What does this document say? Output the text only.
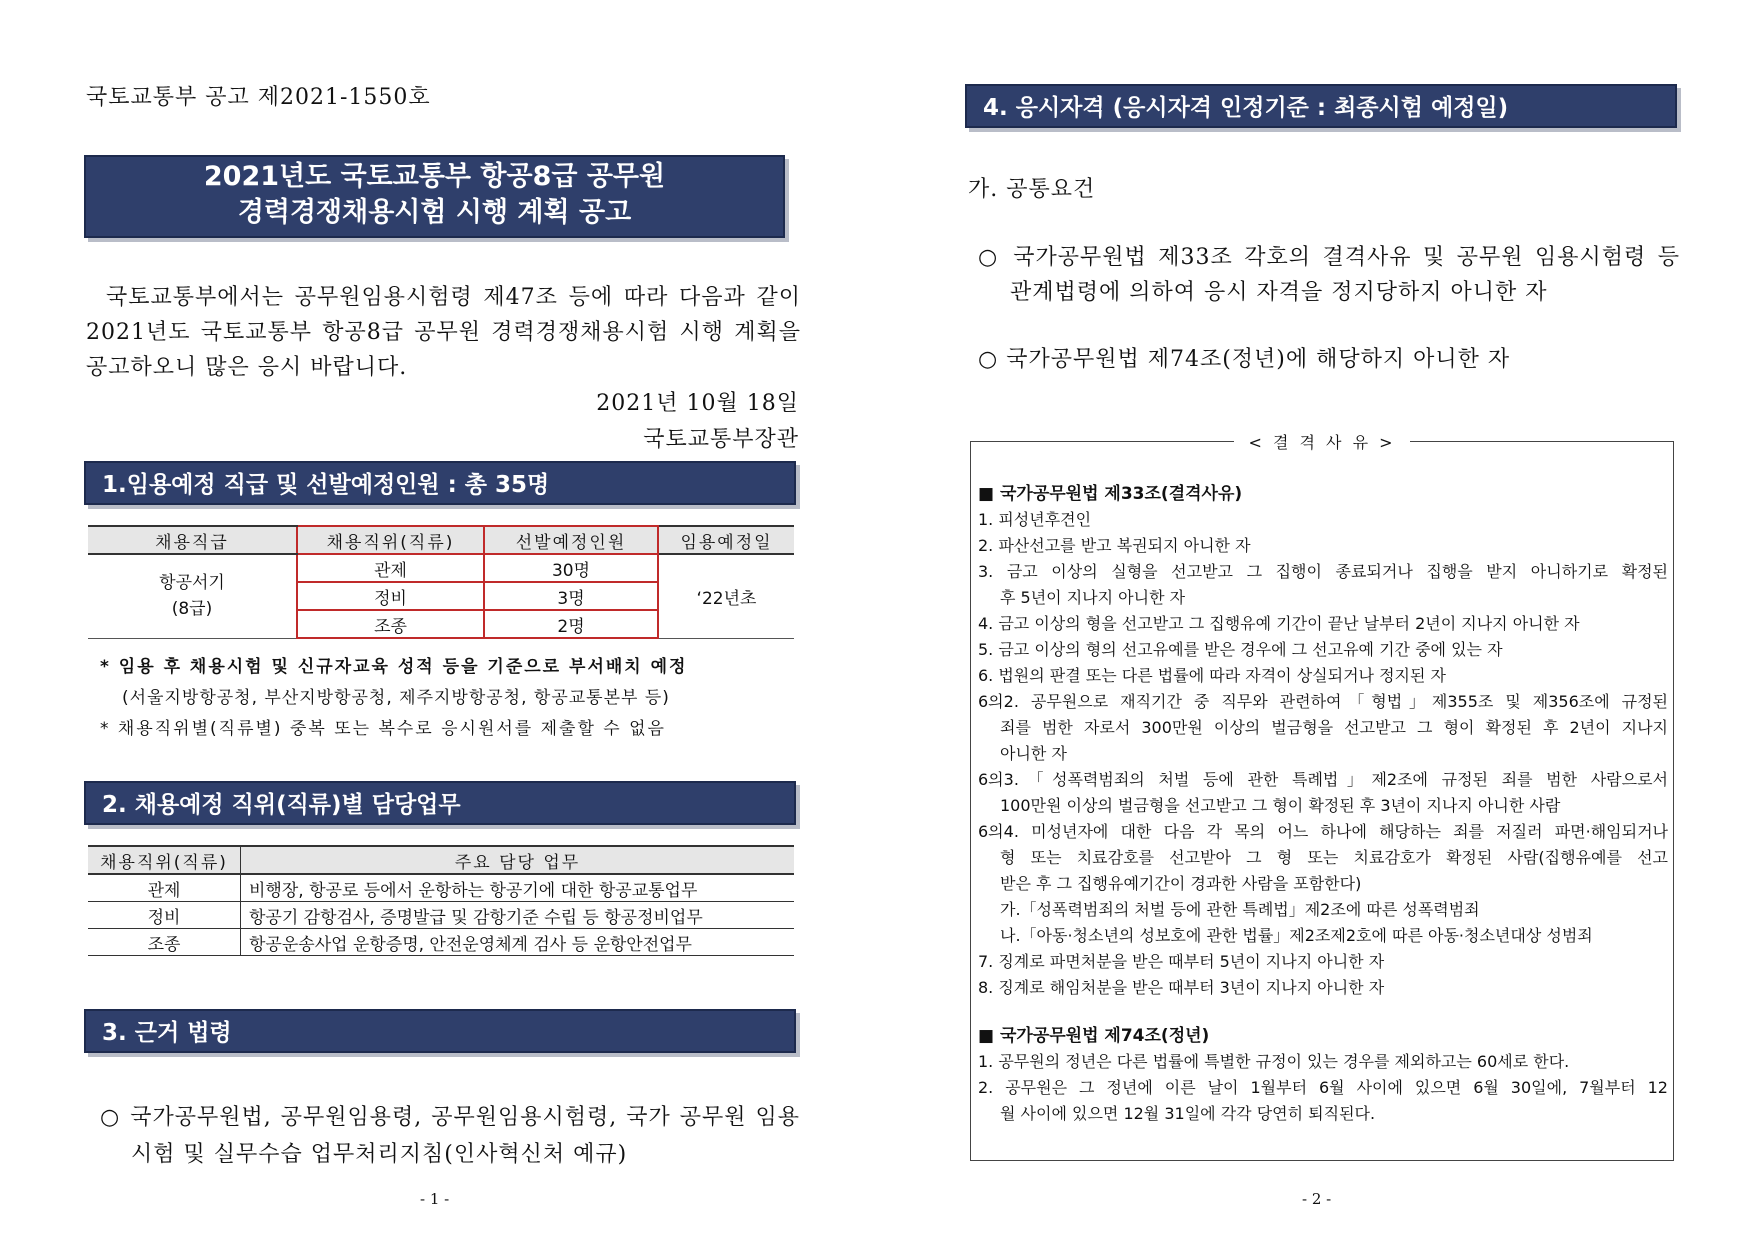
국토교통부 공고 제2021-1550호
2021년도 국토교통부 항공8급 공무원
경력경쟁채용시험 시행 계획 공고
국토교통부에서는 공무원임용시험령 제47조 등에 따라 다음과 같이
2021년도 국토교통부 항공8급 공무원 경력경쟁채용시험 시행 계획을
공고하오니 많은 응시 바랍니다.
2021년 10월 18일
국토교통부장관
1.임용예정 직급 및 선발예정인원 : 총 35명
채용직급	채용직위(직류)	선발예정인원	임용예정일

항공서기
(8급)	관제	30명	‘22년초
	정비	3명	
	조종	2명	
* 임용 후 채용시험 및 신규자교육 성적 등을 기준으로 부서배치 예정
(서울지방항공청, 부산지방항공청, 제주지방항공청, 항공교통본부 등)
* 채용직위별(직류별) 중복 또는 복수로 응시원서를 제출할 수 없음
2. 채용예정 직위(직류)별 담당업무
채용직위(직류)	주요 담당 업무
관제	비행장, 항공로 등에서 운항하는 항공기에 대한 항공교통업무
정비	항공기 감항검사, 증명발급 및 감항기준 수립 등 항공정비업무
조종	항공운송사업 운항증명, 안전운영체계 검사 등 운항안전업무
3. 근거 법령
○ 국가공무원법, 공무원임용령, 공무원임용시험령, 국가 공무원 임용
시험 및 실무수습 업무처리지침(인사혁신처 예규)
- 1 -
4. 응시자격 (응시자격 인정기준 : 최종시험 예정일)
가. 공통요건
○ 국가공무원법 제33조 각호의 결격사유 및 공무원 임용시험령 등
관계법령에 의하여 응시 자격을 정지당하지 아니한 자
○ 국가공무원법 제74조(정년)에 해당하지 아니한 자
< 결 격 사 유 >
■ 국가공무원법 제33조(결격사유)
1. 피성년후견인
2. 파산선고를 받고 복권되지 아니한 자
3. 금고 이상의 실형을 선고받고 그 집행이 종료되거나 집행을 받지 아니하기로 확정된
후 5년이 지나지 아니한 자
4. 금고 이상의 형을 선고받고 그 집행유예 기간이 끝난 날부터 2년이 지나지 아니한 자
5. 금고 이상의 형의 선고유예를 받은 경우에 그 선고유예 기간 중에 있는 자
6. 법원의 판결 또는 다른 법률에 따라 자격이 상실되거나 정지된 자
6의2. 공무원으로 재직기간 중 직무와 관련하여「형법」제355조 및 제356조에 규정된
죄를 범한 자로서 300만원 이상의 벌금형을 선고받고 그 형이 확정된 후 2년이 지나지
아니한 자
6의3.「성폭력범죄의 처벌 등에 관한 특례법」제2조에 규정된 죄를 범한 사람으로서
100만원 이상의 벌금형을 선고받고 그 형이 확정된 후 3년이 지나지 아니한 사람
6의4. 미성년자에 대한 다음 각 목의 어느 하나에 해당하는 죄를 저질러 파면·해임되거나
형 또는 치료감호를 선고받아 그 형 또는 치료감호가 확정된 사람(집행유예를 선고
받은 후 그 집행유예기간이 경과한 사람을 포함한다)
가.「성폭력범죄의 처벌 등에 관한 특례법」제2조에 따른 성폭력범죄
나.「아동·청소년의 성보호에 관한 법률」제2조제2호에 따른 아동·청소년대상 성범죄
7. 징계로 파면처분을 받은 때부터 5년이 지나지 아니한 자
8. 징계로 해임처분을 받은 때부터 3년이 지나지 아니한 자
■ 국가공무원법 제74조(정년)
1. 공무원의 정년은 다른 법률에 특별한 규정이 있는 경우를 제외하고는 60세로 한다.
2. 공무원은 그 정년에 이른 날이 1월부터 6월 사이에 있으면 6월 30일에, 7월부터 12
월 사이에 있으면 12월 31일에 각각 당연히 퇴직된다.
- 2 -
